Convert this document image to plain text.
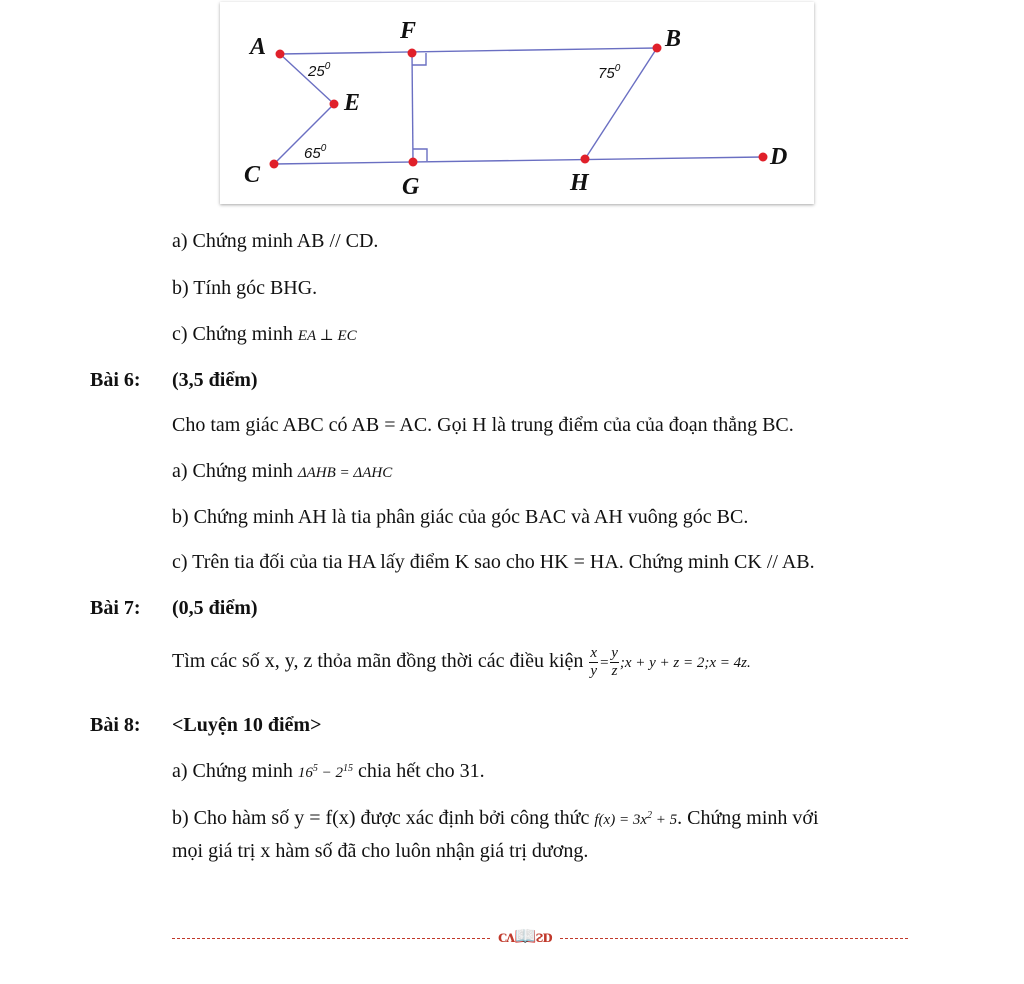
A	B
C
D
E
F
G	H
$25^0$	$75^0$
$65^0$
a) Chứng minh AB // CD.
b) Tính góc BHG.
c) Chứng minh EA ⊥ EC
Bài 6: (3,5 điểm)
Cho tam giác ABC có AB = AC. Gọi H là trung điểm của của đoạn thẳng BC.
a) Chứng minh ΔAHB = ΔAHC
b) Chứng minh AH là tia phân giác của góc BAC và AH vuông góc BC.
c) Trên tia đối của tia HA lấy điểm K sao cho HK = HA. Chứng minh CK // AB.
Bài 7: (0,5 điểm)
Tìm các số x, y, z thỏa mãn đồng thời các điều kiện $\frac{x}{y} = \frac{y}{z}$ ;x + y + z = 2;x = 4z.
Bài 8: <Luyện 10 điểm>
a) Chứng minh $16^5 - 2^{15}$ chia hết cho 31.
b) Cho hàm số y = f(x) được xác định bởi công thức $f(x) = 3x^2 + 5$. Chứng minh với
mọi giá trị x hàm số đã cho luôn nhận giá trị dương.
ᴄᴧ📖ᴤᴅ
